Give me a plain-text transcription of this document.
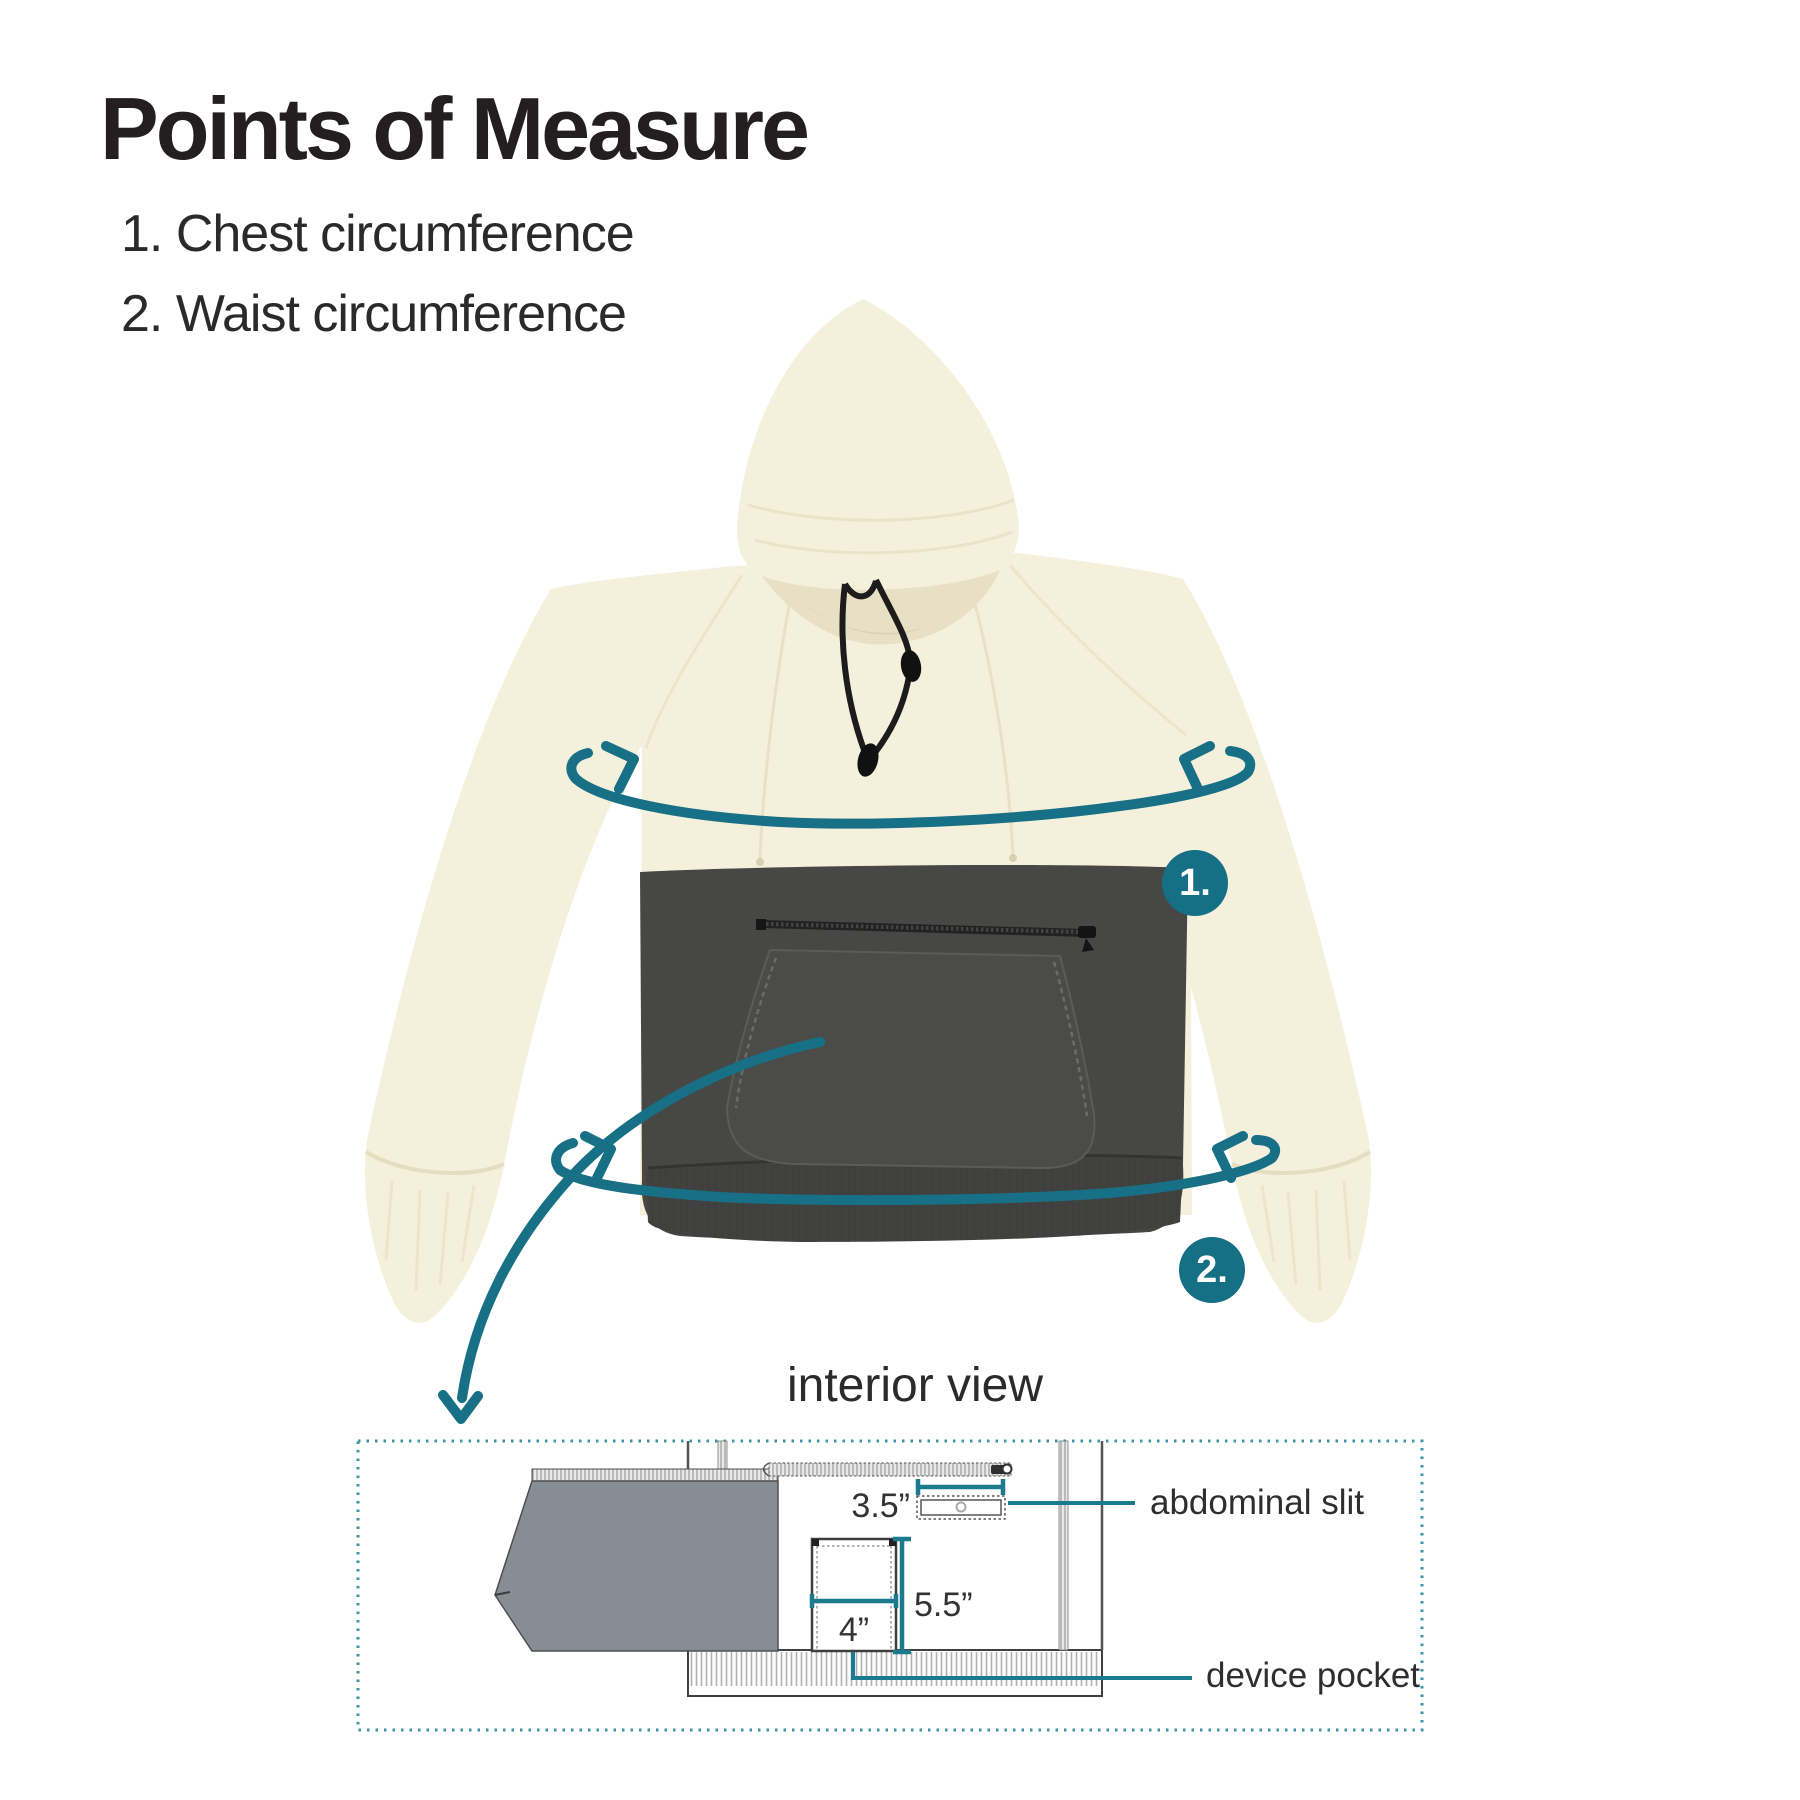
Points of Measure
1. Chest circumference
2. Waist circumference
1.
2.
interior view
3.5”
5.5”
4”
abdominal slit
device pocket
